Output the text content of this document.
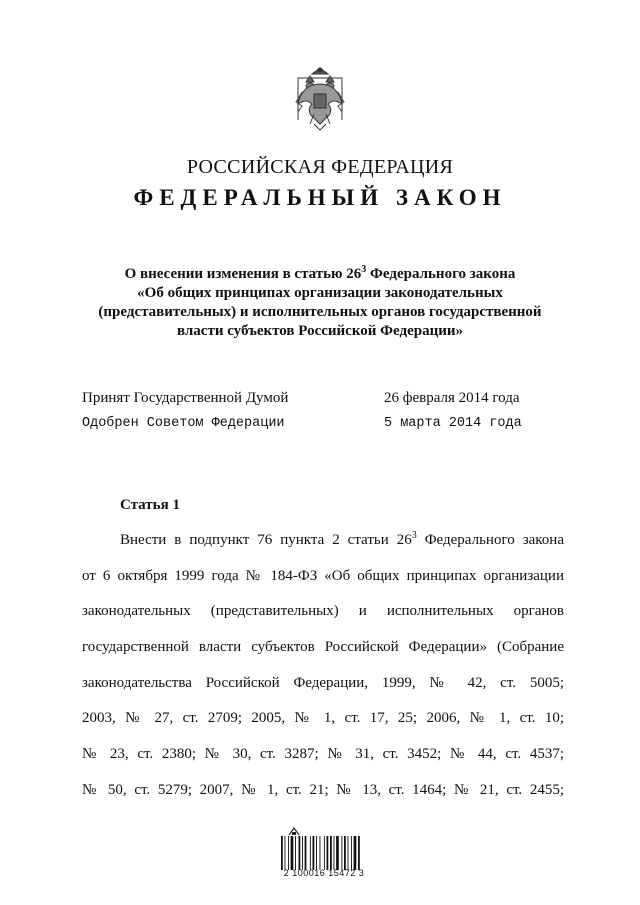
РОССИЙСКАЯ ФЕДЕРАЦИЯ
ФЕДЕРАЛЬНЫЙ ЗАКОН
О внесении изменения в статью $26^3$ Федерального закона
«Об общих принципах организации законодательных
(представительных) и исполнительных органов государственной
власти субъектов Российской Федерации»
Принят Государственной Думой	26 февраля 2014 года
Одобрен Советом Федерации	5 марта 2014 года
Статья 1
Внести в подпункт 76 пункта 2 статьи $26^3$ Федерального закона
от 6 октября 1999 года № 184-ФЗ «Об общих принципах организации
законодательных (представительных) и исполнительных органов
государственной власти субъектов Российской Федерации» (Собрание
законодательства Российской Федерации, 1999, № 42, ст. 5005;
2003, № 27, ст. 2709; 2005, № 1, ст. 17, 25; 2006, № 1, ст. 10;
№ 23, ст. 2380; № 30, ст. 3287; № 31, ст. 3452; № 44, ст. 4537;
№ 50, ст. 5279; 2007, № 1, ст. 21; № 13, ст. 1464; № 21, ст. 2455;
2 100016 15472 3
